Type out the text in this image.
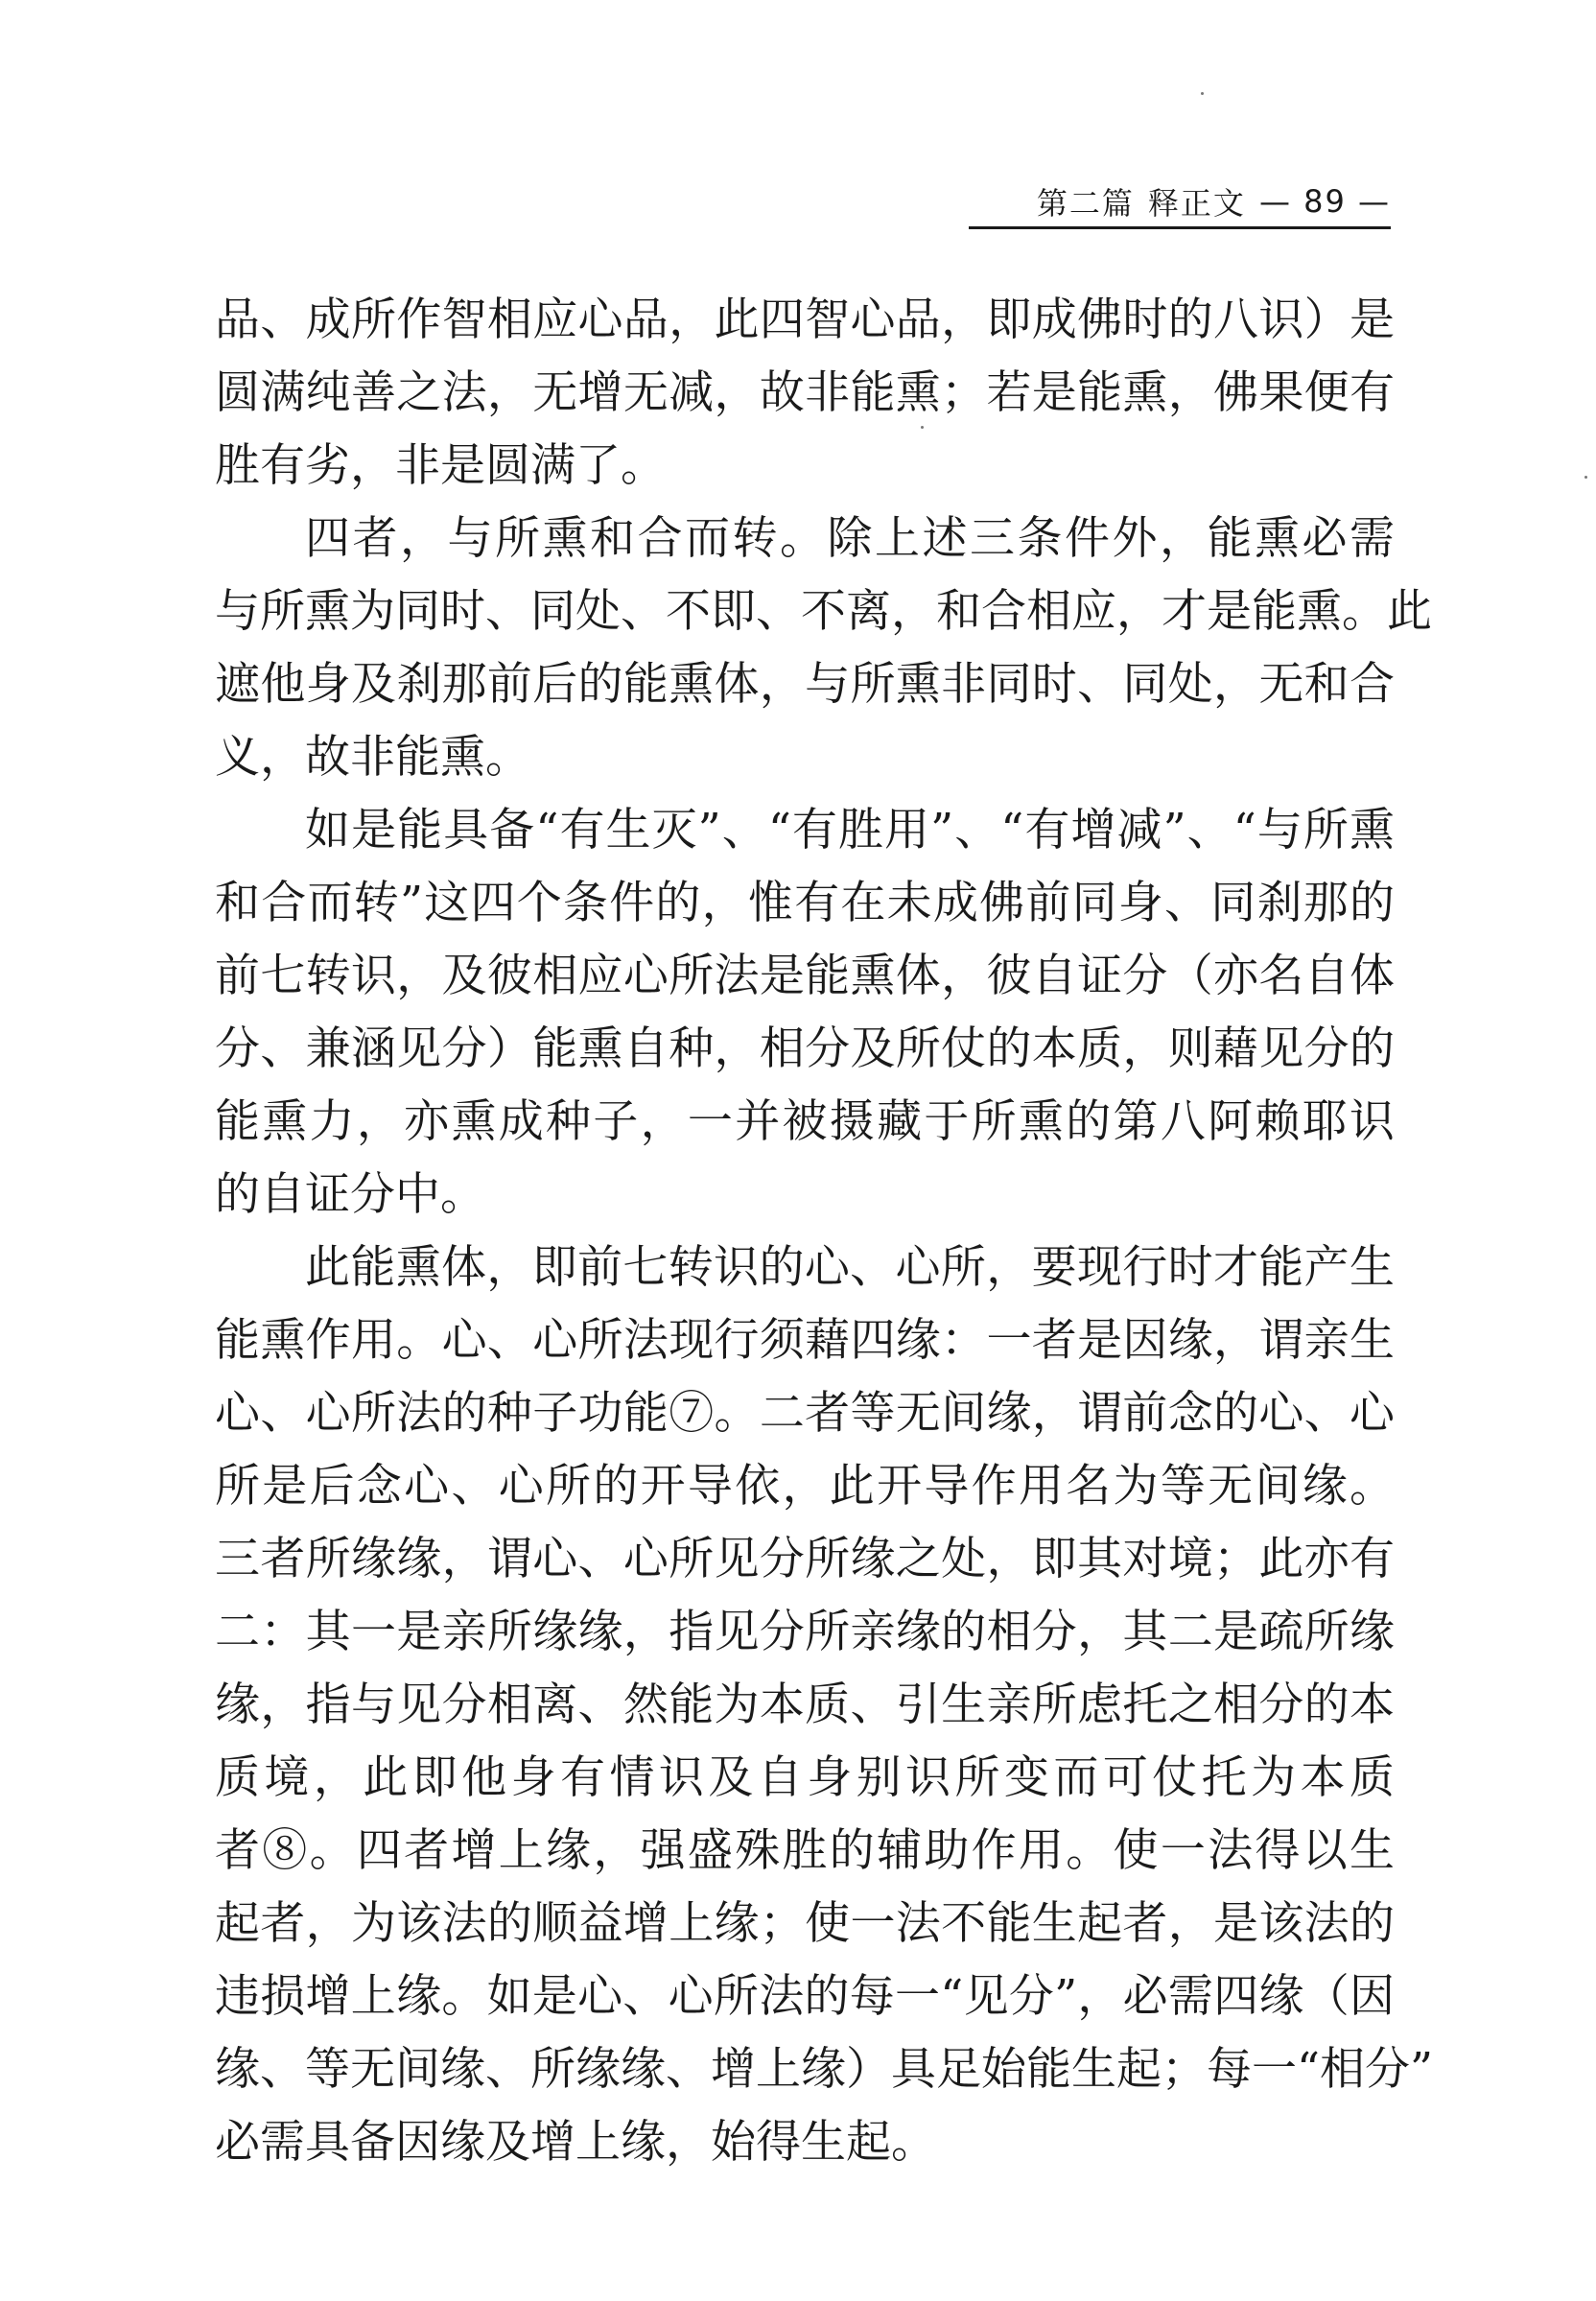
第二篇 释正文 — 89 —
品、成所作智相应心品，此四智心品，即成佛时的八识）是
圆满纯善之法，无增无减，故非能熏；若是能熏，佛果便有
胜有劣，非是圆满了。
四者，与所熏和合而转。除上述三条件外，能熏必需
与所熏为同时、同处、不即、不离，和合相应，才是能熏。此
遮他身及刹那前后的能熏体，与所熏非同时、同处，无和合
义，故非能熏。
如是能具备“有生灭”、“有胜用”、“有增减”、“与所熏
和合而转”这四个条件的，惟有在未成佛前同身、同刹那的
前七转识，及彼相应心所法是能熏体，彼自证分（亦名自体
分、兼涵见分）能熏自种，相分及所仗的本质，则藉见分的
能熏力，亦熏成种子，一并被摄藏于所熏的第八阿赖耶识
的自证分中。
此能熏体，即前七转识的心、心所，要现行时才能产生
能熏作用。心、心所法现行须藉四缘：一者是因缘，谓亲生
心、心所法的种子功能⑦。二者等无间缘，谓前念的心、心
所是后念心、心所的开导依，此开导作用名为等无间缘。
三者所缘缘，谓心、心所见分所缘之处，即其对境；此亦有
二：其一是亲所缘缘，指见分所亲缘的相分，其二是疏所缘
缘，指与见分相离、然能为本质、引生亲所虑托之相分的本
质境，此即他身有情识及自身别识所变而可仗托为本质
者⑧。四者增上缘，强盛殊胜的辅助作用。使一法得以生
起者，为该法的顺益增上缘；使一法不能生起者，是该法的
违损增上缘。如是心、心所法的每一“见分”，必需四缘（因
缘、等无间缘、所缘缘、增上缘）具足始能生起；每一“相分”
必需具备因缘及增上缘，始得生起。
